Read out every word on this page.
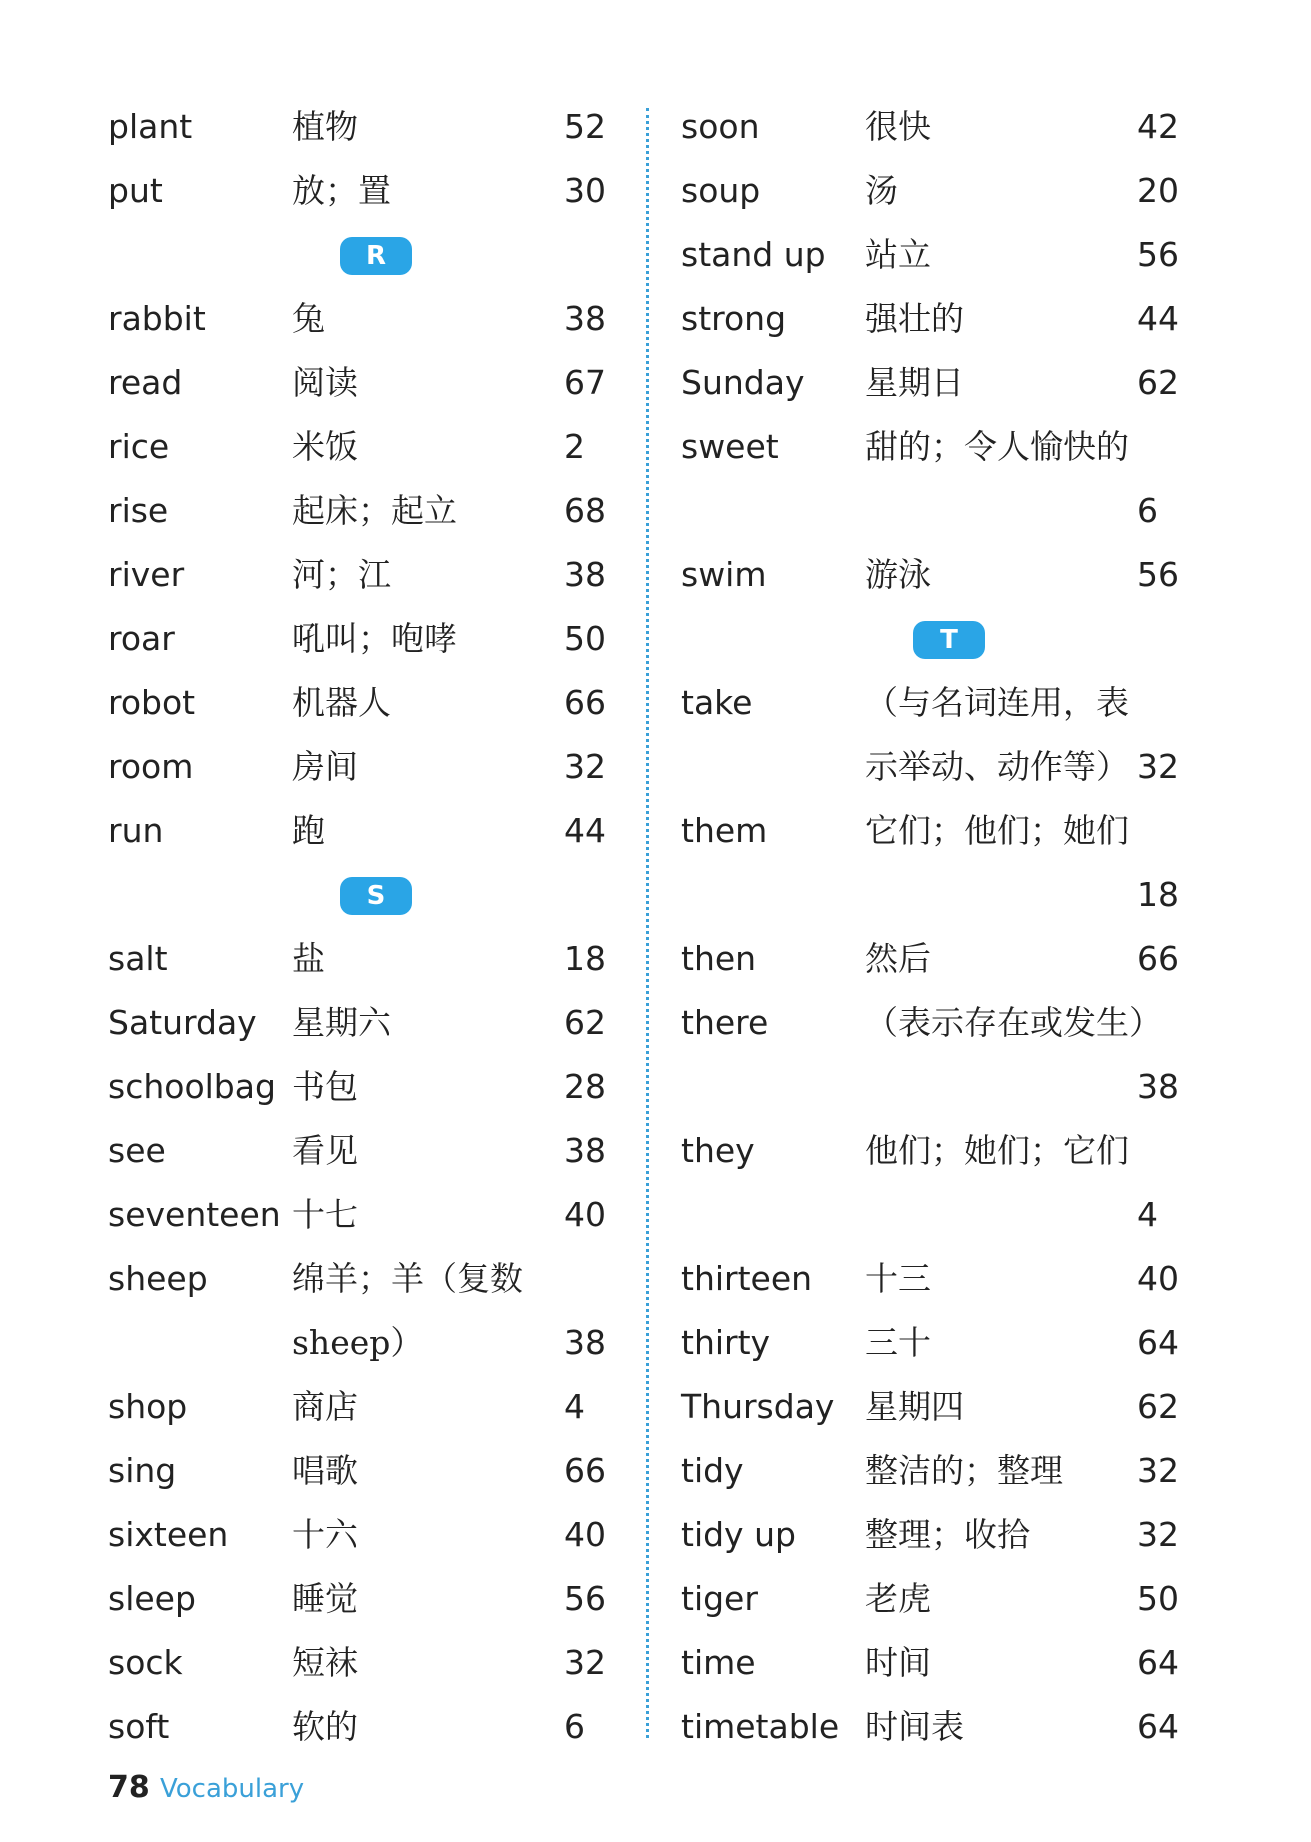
plant	植物	52
put	放；置	30
R
rabbit	兔	38
read	阅读	67
rice	米饭	2
rise	起床；起立	68
river	河；江	38
roar	吼叫；咆哮	50
robot	机器人	66
room	房间	32
run	跑	44
S
salt	盐	18
Saturday 星期六	62
schoolbag 书包	28
see	看见	38
seventeen 十七	40
sheep	绵羊；羊（复数
sheep）	38
shop	商店	4
sing	唱歌	66
sixteen 十六	40
sleep	睡觉	56
sock	短袜	32
soft	软的	6
soon	很快	42
soup	汤	20
stand up 站立	56
strong 强壮的	44
Sunday 星期日	62
sweet	甜的；令人愉快的
6
swim	游泳	56
T
take	（与名词连用，表
示举动、动作等） 32
them	它们；他们；她们
18
then	然后	66
there	（表示存在或发生）
38
they	他们；她们；它们
4
thirteen 十三	40
thirty	三十	64
Thursday 星期四	62
tidy	整洁的；整理 32
tidy up 整理；收拾	32
tiger	老虎	50
time	时间	64
timetable 时间表	64
78 Vocabulary
